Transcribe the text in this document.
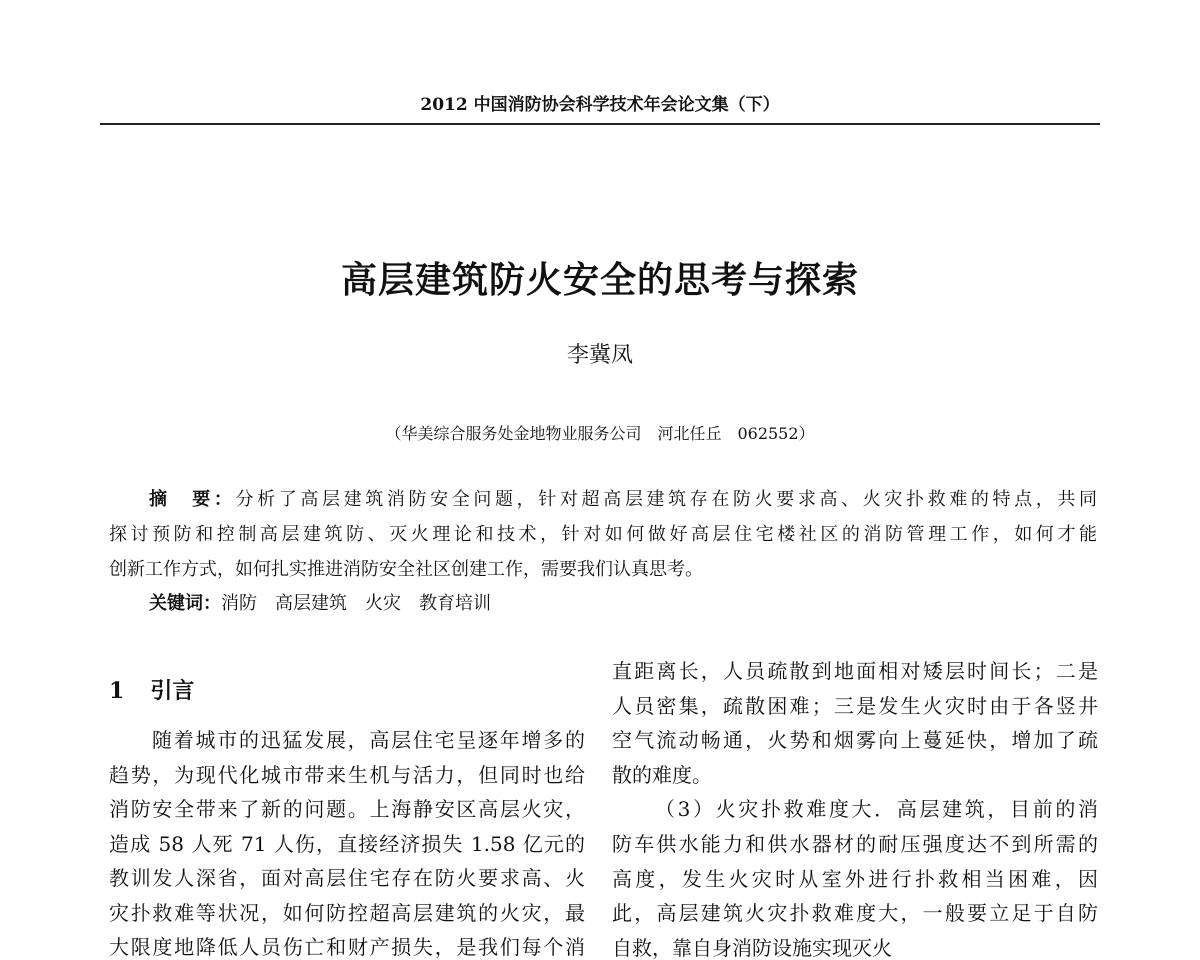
2012 中国消防协会科学技术年会论文集（下）
高层建筑防火安全的思考与探索
李冀凤
（华美综合服务处金地物业服务公司　河北任丘　062552）
摘　要：分析了高层建筑消防安全问题，针对超高层建筑存在防火要求高、火灾扑救难的特点，共同
探讨预防和控制高层建筑防、灭火理论和技术，针对如何做好高层住宅楼社区的消防管理工作，如何才能
创新工作方式，如何扎实推进消防安全社区创建工作，需要我们认真思考。
关键词：消防　高层建筑　火灾　教育培训
1 引言
随着城市的迅猛发展，高层住宅呈逐年增多的
趋势，为现代化城市带来生机与活力，但同时也给
消防安全带来了新的问题。上海静安区高层火灾，
造成 58 人死 71 人伤，直接经济损失 1.58 亿元的
教训发人深省，面对高层住宅存在防火要求高、火
灾扑救难等状况，如何防控超高层建筑的火灾，最
大限度地降低人员伤亡和财产损失，是我们每个消
直距离长，人员疏散到地面相对矮层时间长；二是
人员密集，疏散困难；三是发生火灾时由于各竖井
空气流动畅通，火势和烟雾向上蔓延快，增加了疏
散的难度。
（3）火灾扑救难度大．高层建筑，目前的消
防车供水能力和供水器材的耐压强度达不到所需的
高度，发生火灾时从室外进行扑救相当困难，因
此，高层建筑火灾扑救难度大，一般要立足于自防
自救，靠自身消防设施实现灭火
